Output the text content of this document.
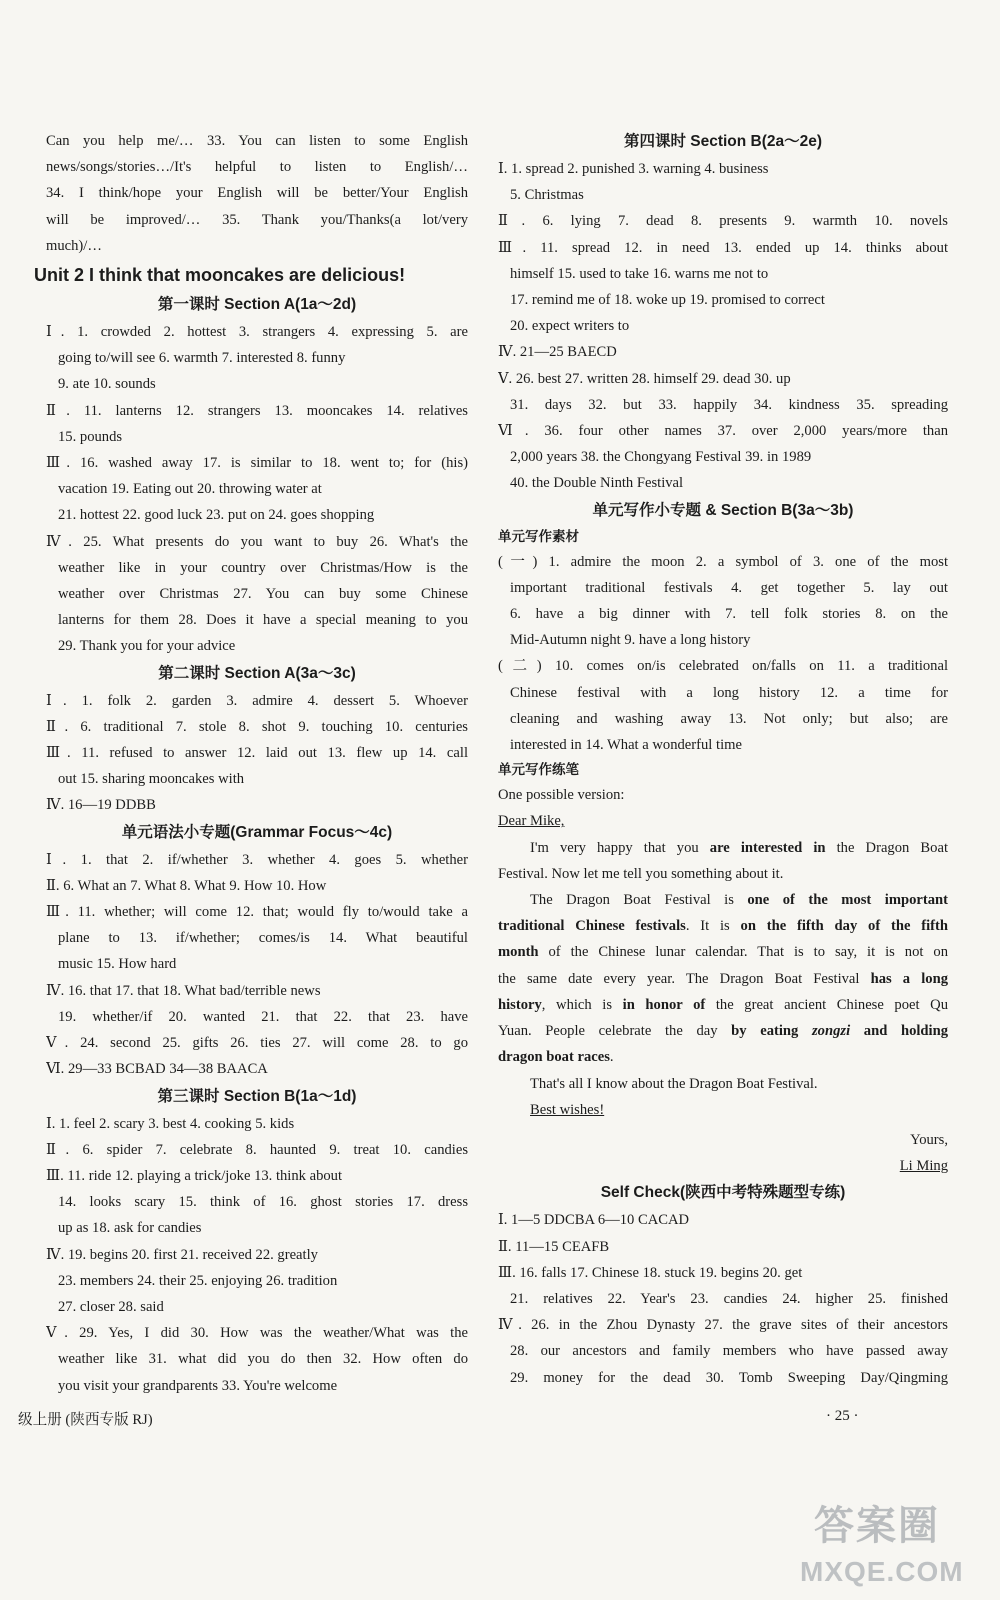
Can you help me/… 33. You can listen to some English
news/songs/stories…/It's helpful to listen to English/…
34. I think/hope your English will be better/Your English
will be improved/… 35. Thank you/Thanks(a lot/very
much)/…
Unit 2 I think that mooncakes are delicious!
第一课时 Section A(1a～2d)
Ⅰ. 1. crowded 2. hottest 3. strangers 4. expressing 5. are
going to/will see 6. warmth 7. interested 8. funny
9. ate 10. sounds
Ⅱ. 11. lanterns 12. strangers 13. mooncakes 14. relatives
15. pounds
Ⅲ. 16. washed away 17. is similar to 18. went to; for (his)
vacation 19. Eating out 20. throwing water at
21. hottest 22. good luck 23. put on 24. goes shopping
Ⅳ. 25. What presents do you want to buy 26. What's the
weather like in your country over Christmas/How is the
weather over Christmas 27. You can buy some Chinese
lanterns for them 28. Does it have a special meaning to you
29. Thank you for your advice
第二课时 Section A(3a～3c)
Ⅰ. 1. folk 2. garden 3. admire 4. dessert 5. Whoever
Ⅱ. 6. traditional 7. stole 8. shot 9. touching 10. centuries
Ⅲ. 11. refused to answer 12. laid out 13. flew up 14. call
out 15. sharing mooncakes with
Ⅳ. 16—19 DDBB
单元语法小专题(Grammar Focus～4c)
Ⅰ. 1. that 2. if/whether 3. whether 4. goes 5. whether
Ⅱ. 6. What an 7. What 8. What 9. How 10. How
Ⅲ. 11. whether; will come 12. that; would fly to/would take a
plane to 13. if/whether; comes/is 14. What beautiful
music 15. How hard
Ⅳ. 16. that 17. that 18. What bad/terrible news
19. whether/if 20. wanted 21. that 22. that 23. have
Ⅴ. 24. second 25. gifts 26. ties 27. will come 28. to go
Ⅵ. 29—33 BCBAD 34—38 BAACA
第三课时 Section B(1a～1d)
Ⅰ. 1. feel 2. scary 3. best 4. cooking 5. kids
Ⅱ. 6. spider 7. celebrate 8. haunted 9. treat 10. candies
Ⅲ. 11. ride 12. playing a trick/joke 13. think about
14. looks scary 15. think of 16. ghost stories 17. dress
up as 18. ask for candies
Ⅳ. 19. begins 20. first 21. received 22. greatly
23. members 24. their 25. enjoying 26. tradition
27. closer 28. said
Ⅴ. 29. Yes, I did 30. How was the weather/What was the
weather like 31. what did you do then 32. How often do
you visit your grandparents 33. You're welcome
第四课时 Section B(2a～2e)
Ⅰ. 1. spread 2. punished 3. warning 4. business
5. Christmas
Ⅱ. 6. lying 7. dead 8. presents 9. warmth 10. novels
Ⅲ. 11. spread 12. in need 13. ended up 14. thinks about
himself 15. used to take 16. warns me not to
17. remind me of 18. woke up 19. promised to correct
20. expect writers to
Ⅳ. 21—25 BAECD
Ⅴ. 26. best 27. written 28. himself 29. dead 30. up
31. days 32. but 33. happily 34. kindness 35. spreading
Ⅵ. 36. four other names 37. over 2,000 years/more than
2,000 years 38. the Chongyang Festival 39. in 1989
40. the Double Ninth Festival
单元写作小专题 & Section B(3a～3b)
单元写作素材
(一) 1. admire the moon 2. a symbol of 3. one of the most
important traditional festivals 4. get together 5. lay out
6. have a big dinner with 7. tell folk stories 8. on the
Mid-Autumn night 9. have a long history
(二) 10. comes on/is celebrated on/falls on 11. a traditional
Chinese festival with a long history 12. a time for
cleaning and washing away 13. Not only; but also; are
interested in 14. What a wonderful time
单元写作练笔
One possible version:
Dear Mike,
I'm very happy that you are interested in the Dragon Boat
Festival. Now let me tell you something about it.
The Dragon Boat Festival is one of the most important
traditional Chinese festivals. It is on the fifth day of the fifth
month of the Chinese lunar calendar. That is to say, it is not on
the same date every year. The Dragon Boat Festival has a long
history, which is in honor of the great ancient Chinese poet Qu
Yuan. People celebrate the day by eating zongzi and holding
dragon boat races.
That's all I know about the Dragon Boat Festival.
Best wishes!
Yours,
Li Ming
Self Check(陕西中考特殊题型专练)
Ⅰ. 1—5 DDCBA 6—10 CACAD
Ⅱ. 11—15 CEAFB
Ⅲ. 16. falls 17. Chinese 18. stuck 19. begins 20. get
21. relatives 22. Year's 23. candies 24. higher 25. finished
Ⅳ. 26. in the Zhou Dynasty 27. the grave sites of their ancestors
28. our ancestors and family members who have passed away
29. money for the dead 30. Tomb Sweeping Day/Qingming
级上册 (陕西专版 RJ)	· 25 ·
答案圈
MXQE.COM
